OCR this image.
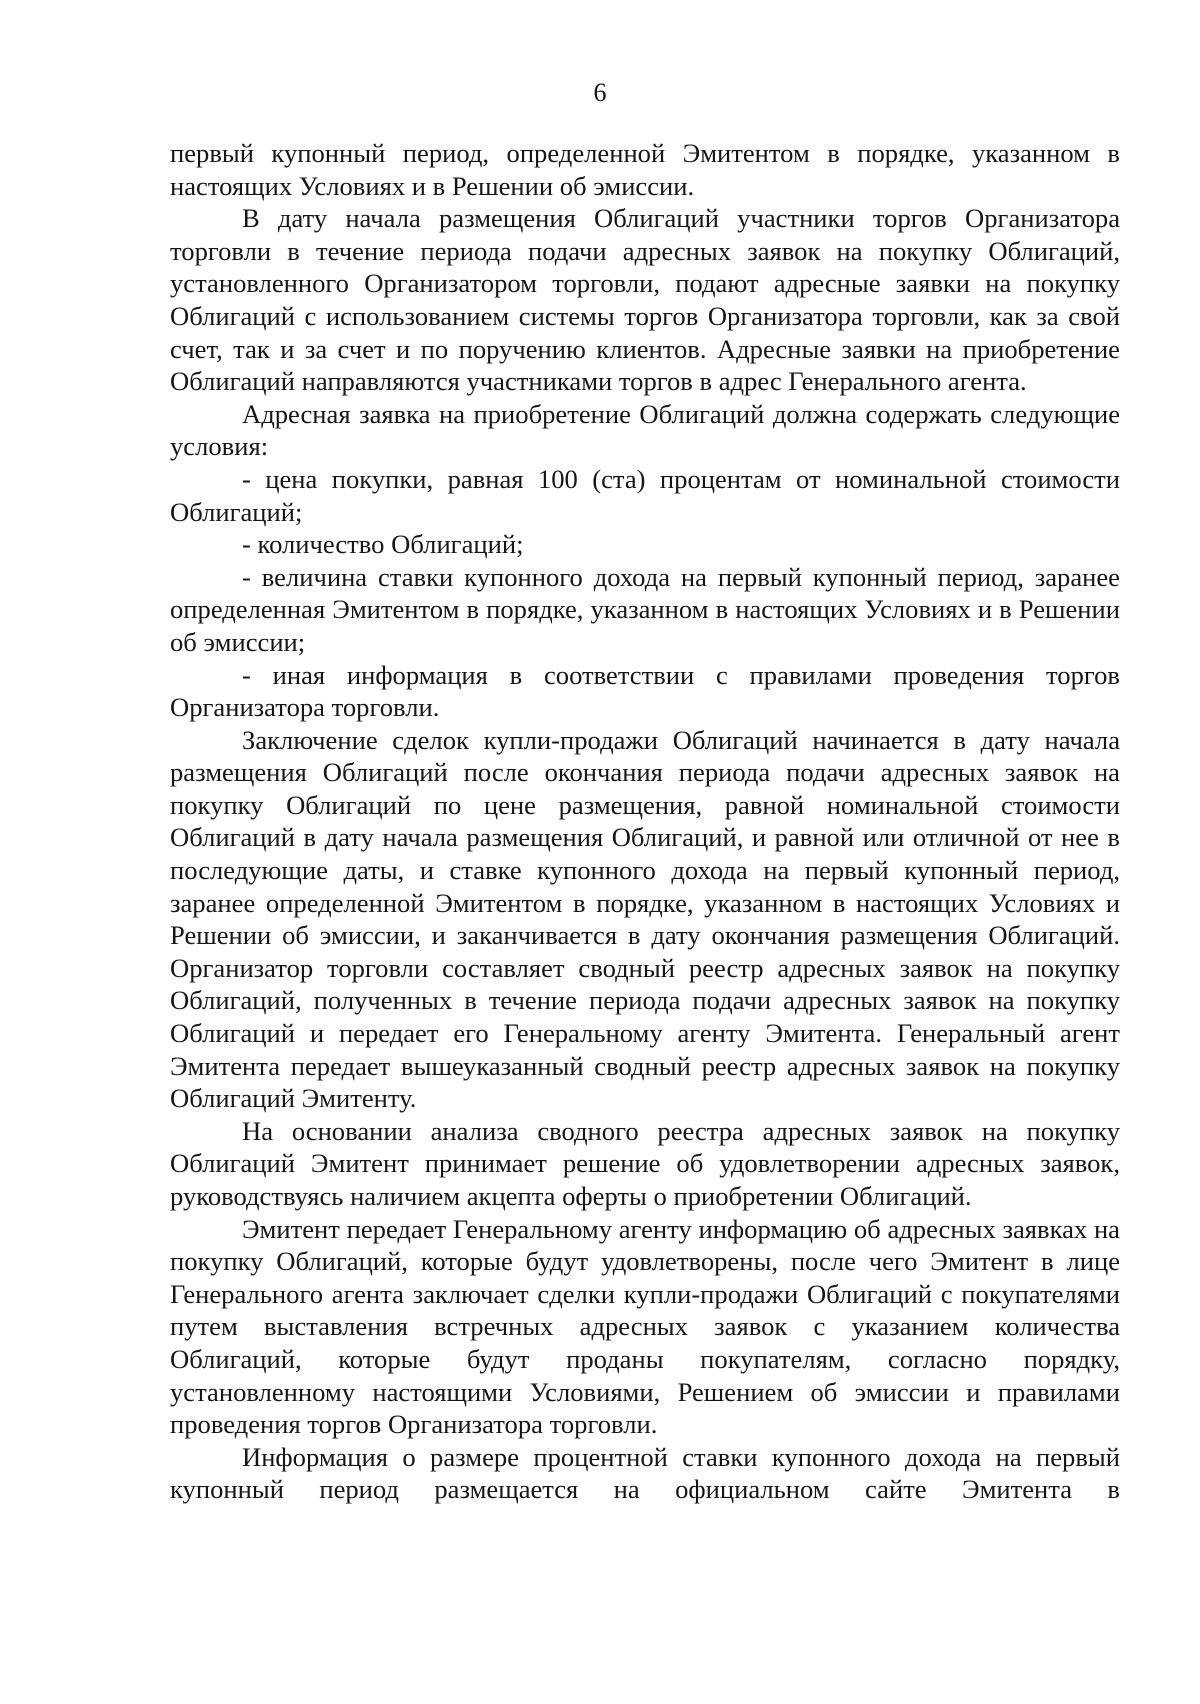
6

первый купонный период, определенной Эмитентом в порядке, указанном в настоящих Условиях и в Решении об эмиссии.

В дату начала размещения Облигаций участники торгов Организатора торговли в течение периода подачи адресных заявок на покупку Облигаций, установленного Организатором торговли, подают адресные заявки на покупку Облигаций с использованием системы торгов Организатора торговли, как за свой счет, так и за счет и по поручению клиентов. Адресные заявки на приобретение Облигаций направляются участниками торгов в адрес Генерального агента.

Адресная заявка на приобретение Облигаций должна содержать следующие условия:

- цена покупки, равная 100 (ста) процентам от номинальной стоимости Облигаций;

- количество Облигаций;

- величина ставки купонного дохода на первый купонный период, заранее определенная Эмитентом в порядке, указанном в настоящих Условиях и в Решении об эмиссии;

- иная информация в соответствии с правилами проведения торгов Организатора торговли.

Заключение сделок купли-продажи Облигаций начинается в дату начала размещения Облигаций после окончания периода подачи адресных заявок на покупку Облигаций по цене размещения, равной номинальной стоимости Облигаций в дату начала размещения Облигаций, и равной или отличной от нее в последующие даты, и ставке купонного дохода на первый купонный период, заранее определенной Эмитентом в порядке, указанном в настоящих Условиях и Решении об эмиссии, и заканчивается в дату окончания размещения Облигаций. Организатор торговли составляет сводный реестр адресных заявок на покупку Облигаций, полученных в течение периода подачи адресных заявок на покупку Облигаций и передает его Генеральному агенту Эмитента. Генеральный агент Эмитента передает вышеуказанный сводный реестр адресных заявок на покупку Облигаций Эмитенту.

На основании анализа сводного реестра адресных заявок на покупку Облигаций Эмитент принимает решение об удовлетворении адресных заявок, руководствуясь наличием акцепта оферты о приобретении Облигаций.

Эмитент передает Генеральному агенту информацию об адресных заявках на покупку Облигаций, которые будут удовлетворены, после чего Эмитент в лице Генерального агента заключает сделки купли-продажи Облигаций с покупателями путем выставления встречных адресных заявок с указанием количества Облигаций, которые будут проданы покупателям, согласно порядку, установленному настоящими Условиями, Решением об эмиссии и правилами проведения торгов Организатора торговли.

Информация о размере процентной ставки купонного дохода на первый купонный период размещается на официальном сайте Эмитента в
